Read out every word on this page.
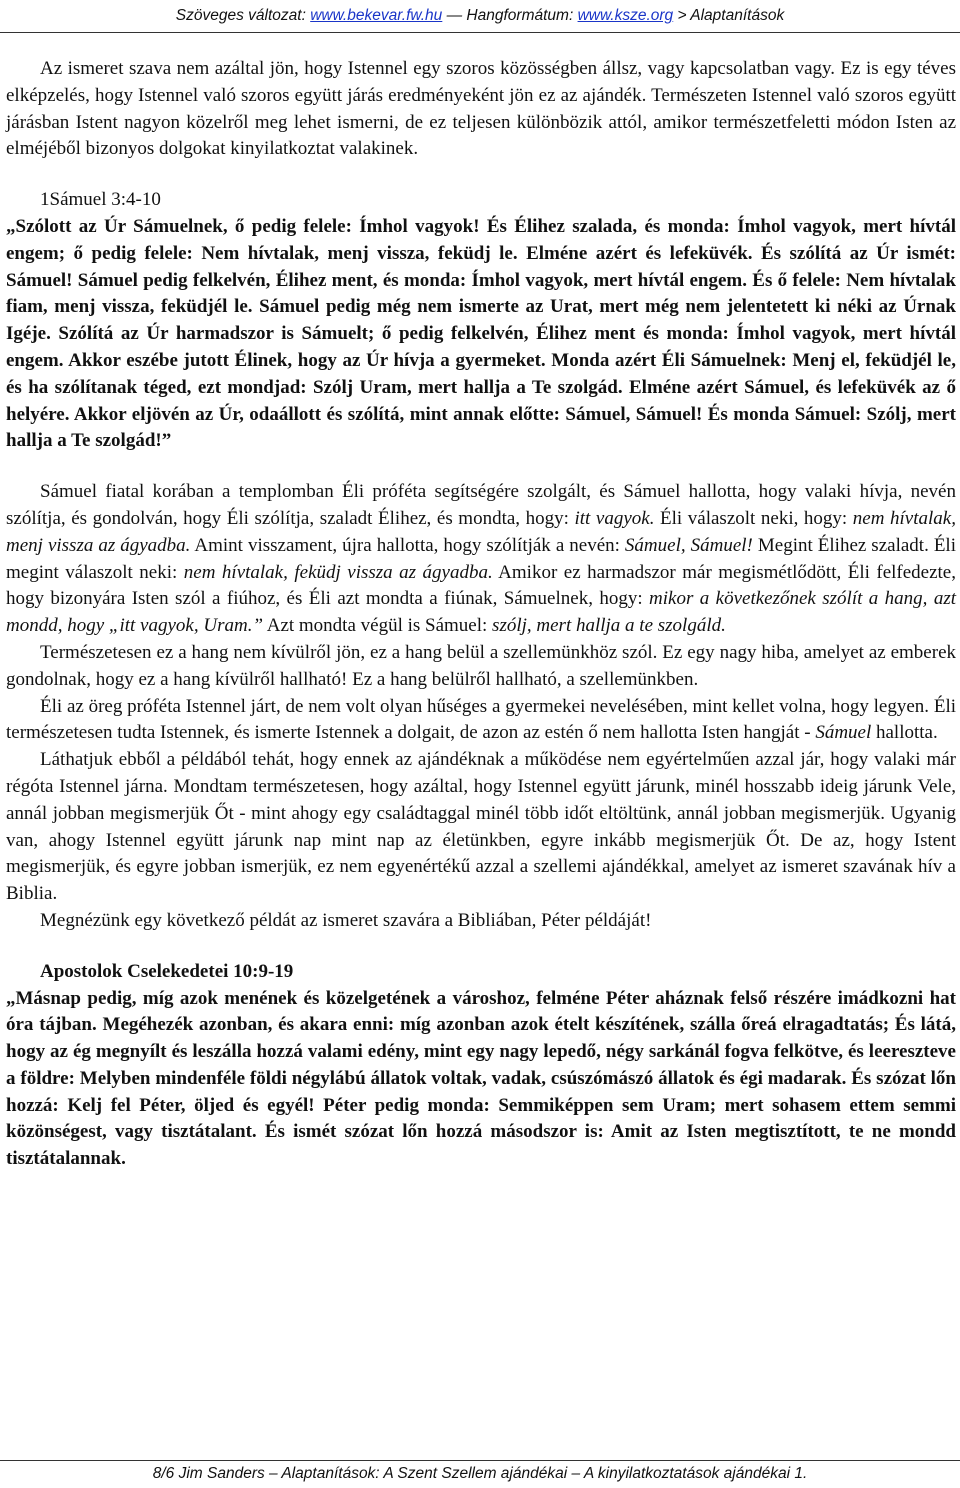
Szöveges változat: www.bekevar.fw.hu — Hangformátum: www.ksze.org > Alaptanítások

Az ismeret szava nem azáltal jön, hogy Istennel egy szoros közösségben állsz, vagy kapcsolatban vagy. Ez is egy téves elképzelés, hogy Istennel való szoros együtt járás eredményeként jön ez az ajándék. Természeten Istennel való szoros együtt járásban Istent nagyon közelről meg lehet ismerni, de ez teljesen különbözik attól, amikor természetfeletti módon Isten az elméjéből bizonyos dolgokat kinyilatkoztat valakinek.

1Sámuel 3:4-10

„Szólott az Úr Sámuelnek, ő pedig felele: Ímhol vagyok! És Élihez szalada, és monda: Ímhol vagyok, mert hívtál engem; ő pedig felele: Nem hívtalak, menj vissza, feküdj le. Elméne azért és lefeküvék. És szólítá az Úr ismét: Sámuel! Sámuel pedig felkelvén, Élihez ment, és monda: Ímhol vagyok, mert hívtál engem. És ő felele: Nem hívtalak fiam, menj vissza, feküdjél le. Sámuel pedig még nem ismerte az Urat, mert még nem jelentetett ki néki az Úrnak Igéje. Szólítá az Úr harmadszor is Sámuelt; ő pedig felkelvén, Élihez ment és monda: Ímhol vagyok, mert hívtál engem. Akkor eszébe jutott Élinek, hogy az Úr hívja a gyermeket. Monda azért Éli Sámuelnek: Menj el, feküdjél le, és ha szólítanak téged, ezt mondjad: Szólj Uram, mert hallja a Te szolgád. Elméne azért Sámuel, és lefeküvék az ő helyére. Akkor eljövén az Úr, odaállott és szólítá, mint annak előtte: Sámuel, Sámuel! És monda Sámuel: Szólj, mert hallja a Te szolgád!”

Sámuel fiatal korában a templomban Éli próféta segítségére szolgált, és Sámuel hallotta, hogy valaki hívja, nevén szólítja, és gondolván, hogy Éli szólítja, szaladt Élihez, és mondta, hogy: itt vagyok. Éli válaszolt neki, hogy: nem hívtalak, menj vissza az ágyadba. Amint visszament, újra hallotta, hogy szólítják a nevén: Sámuel, Sámuel! Megint Élihez szaladt. Éli megint válaszolt neki: nem hívtalak, feküdj vissza az ágyadba. Amikor ez harmadszor már megismétlődött, Éli felfedezte, hogy bizonyára Isten szól a fiúhoz, és Éli azt mondta a fiúnak, Sámuelnek, hogy: mikor a következőnek szólít a hang, azt mondd, hogy „itt vagyok, Uram.” Azt mondta végül is Sámuel: szólj, mert hallja a te szolgáld.

Természetesen ez a hang nem kívülről jön, ez a hang belül a szellemünkhöz szól. Ez egy nagy hiba, amelyet az emberek gondolnak, hogy ez a hang kívülről hallható! Ez a hang belülről hallható, a szellemünkben.

Éli az öreg próféta Istennel járt, de nem volt olyan hűséges a gyermekei nevelésében, mint kellet volna, hogy legyen. Éli természetesen tudta Istennek, és ismerte Istennek a dolgait, de azon az estén ő nem hallotta Isten hangját - Sámuel hallotta.

Láthatjuk ebből a példából tehát, hogy ennek az ajándéknak a működése nem egyértelműen azzal jár, hogy valaki már régóta Istennel járna. Mondtam természetesen, hogy azáltal, hogy Istennel együtt járunk, minél hosszabb ideig járunk Vele, annál jobban megismerjük Őt - mint ahogy egy családtaggal minél több időt eltöltünk, annál jobban megismerjük. Ugyanig van, ahogy Istennel együtt járunk nap mint nap az életünkben, egyre inkább megismerjük Őt. De az, hogy Istent megismerjük, és egyre jobban ismerjük, ez nem egyenértékű azzal a szellemi ajándékkal, amelyet az ismeret szavának hív a Biblia.

Megnézünk egy következő példát az ismeret szavára a Bibliában, Péter példáját!

Apostolok Cselekedetei 10:9-19

„Másnap pedig, míg azok menének és közelgetének a városhoz, felméne Péter aháznak felső részére imádkozni hat óra tájban. Megéhezék azonban, és akara enni: míg azonban azok ételt készítének, szálla őreá elragadtatás; És látá, hogy az ég megnyílt és leszálla hozzá valami edény, mint egy nagy lepedő, négy sarkánál fogva felkötve, és leereszteve a földre: Melyben mindenféle földi négylábú állatok voltak, vadak, csúszómászó állatok és égi madarak. És szózat lőn hozzá: Kelj fel Péter, öljed és egyél! Péter pedig monda: Semmiképpen sem Uram; mert sohasem ettem semmi közönségest, vagy tisztátalant. És ismét szózat lőn hozzá másodszor is: Amit az Isten megtisztított, te ne mondd tisztátalannak.

8/6 Jim Sanders – Alaptanítások: A Szent Szellem ajándékai – A kinyilatkoztatások ajándékai 1.
